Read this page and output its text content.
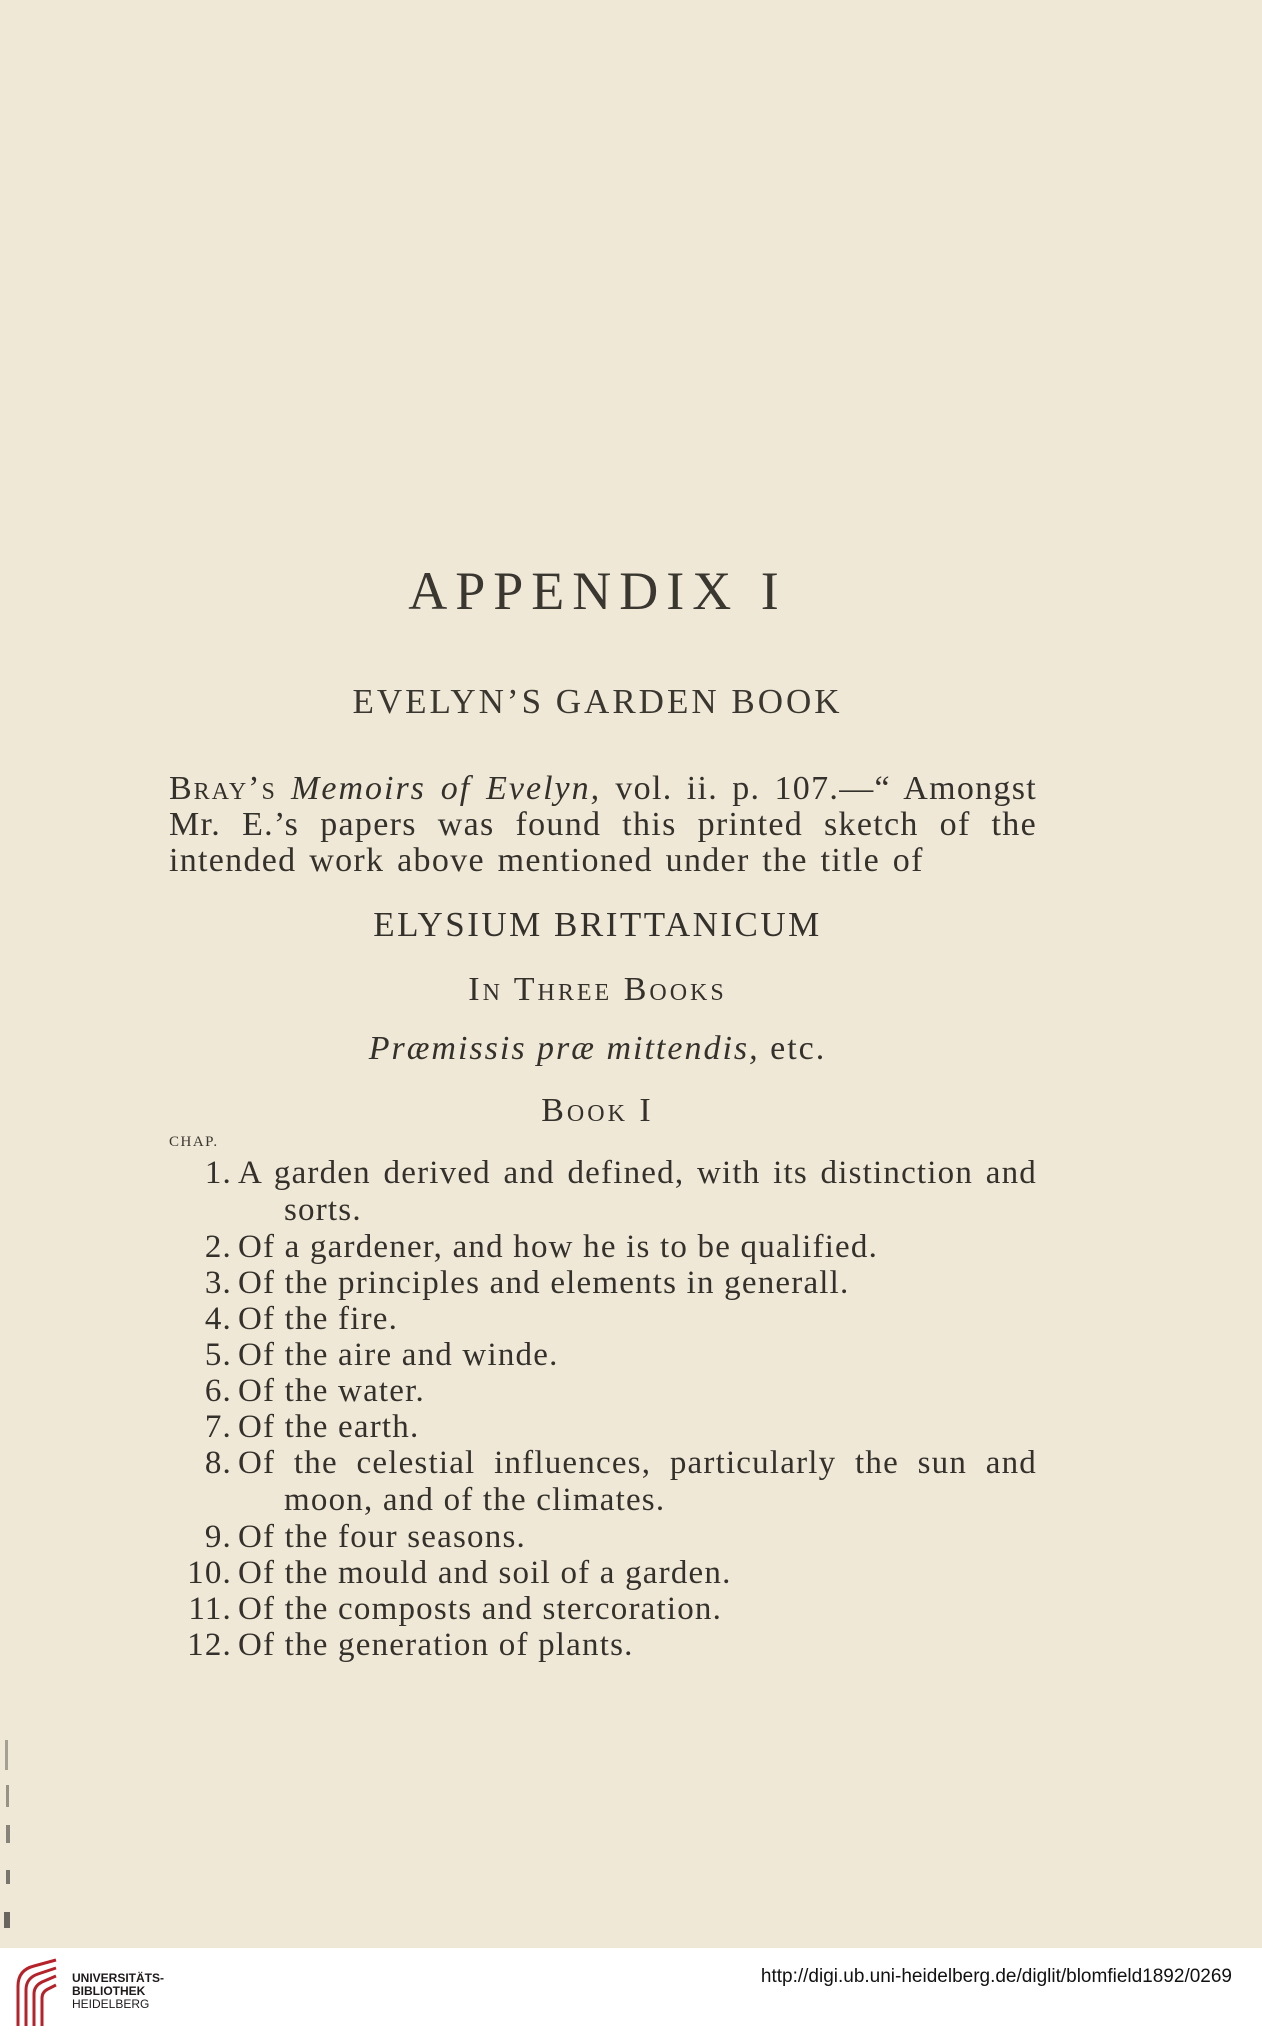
APPENDIX I
EVELYN’S GARDEN BOOK
Bray’s Memoirs of Evelyn, vol. ii. p. 107.—“ Amongst
Mr. E.’s papers was found this printed sketch of the
intended work above mentioned under the title of
ELYSIUM BRITTANICUM
In Three Books
Præmissis præ mittendis, etc.
Book I
CHAP.
1. A garden derived and defined, with its distinction and
sorts.
2. Of a gardener, and how he is to be qualified.
3. Of the principles and elements in generall.
4. Of the fire.
5. Of the aire and winde.
6. Of the water.
7. Of the earth.
8. Of the celestial influences, particularly the sun and
moon, and of the climates.
9. Of the four seasons.
10. Of the mould and soil of a garden.
11. Of the composts and stercoration.
12. Of the generation of plants.
UNIVERSITÄTS-
BIBLIOTHEK
HEIDELBERG
http://digi.ub.uni-heidelberg.de/diglit/blomfield1892/0269
